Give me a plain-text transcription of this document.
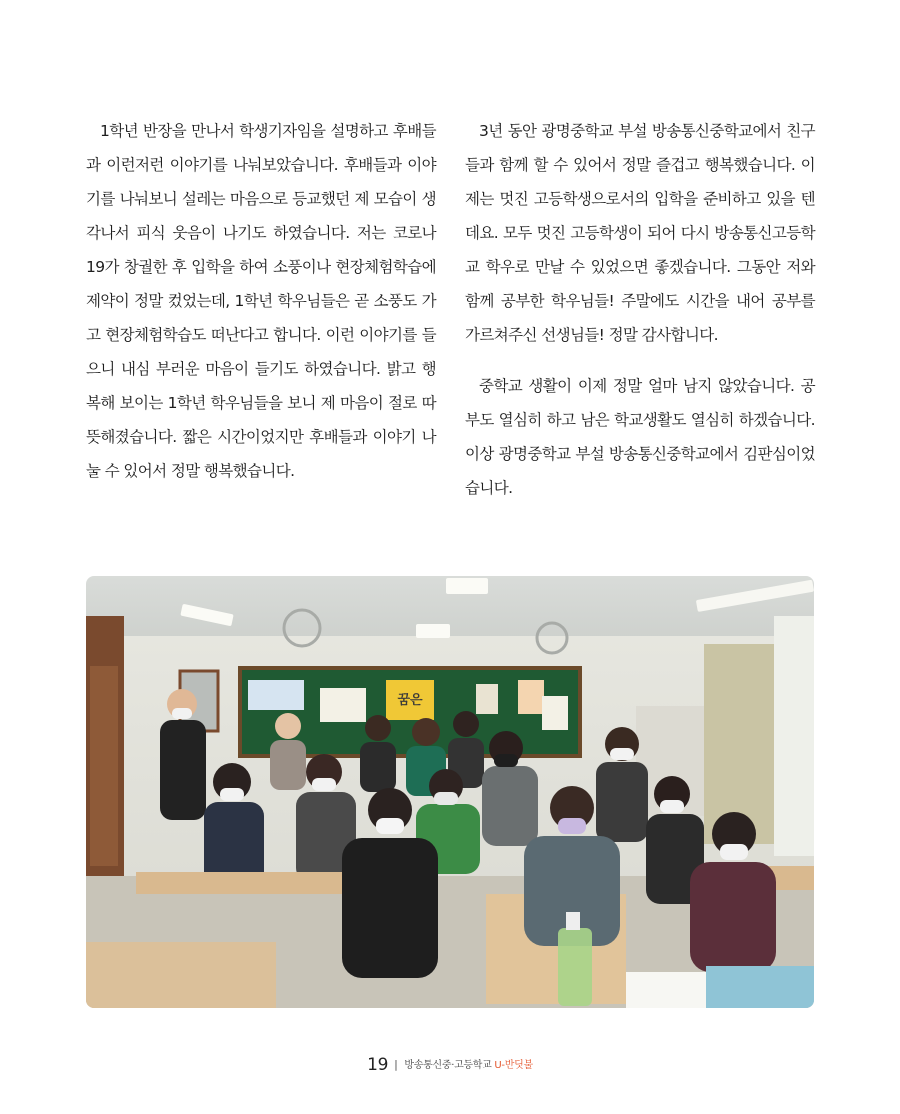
1학년 반장을 만나서 학생기자임을 설명하고 후배들과 이런저런 이야기를 나눠보았습니다. 후배들과 이야기를 나눠보니 설레는 마음으로 등교했던 제 모습이 생각나서 피식 웃음이 나기도 하였습니다. 저는 코로나19가 창궐한 후 입학을 하여 소풍이나 현장체험학습에 제약이 정말 컸었는데, 1학년 학우님들은 곧 소풍도 가고 현장체험학습도 떠난다고 합니다. 이런 이야기를 들으니 내심 부러운 마음이 들기도 하였습니다. 밝고 행복해 보이는 1학년 학우님들을 보니 제 마음이 절로 따뜻해졌습니다. 짧은 시간이었지만 후배들과 이야기 나눌 수 있어서 정말 행복했습니다.

3년 동안 광명중학교 부설 방송통신중학교에서 친구들과 함께 할 수 있어서 정말 즐겁고 행복했습니다. 이제는 멋진 고등학생으로서의 입학을 준비하고 있을 텐데요. 모두 멋진 고등학생이 되어 다시 방송통신고등학교 학우로 만날 수 있었으면 좋겠습니다. 그동안 저와 함께 공부한 학우님들! 주말에도 시간을 내어 공부를 가르쳐주신 선생님들! 정말 감사합니다.

중학교 생활이 이제 정말 얼마 남지 않았습니다. 공부도 열심히 하고 남은 학교생활도 열심히 하겠습니다. 이상 광명중학교 부설 방송통신중학교에서 김판심이었습니다.

꿈은
19 | 방송통신중·고등학교 U-반딧불
